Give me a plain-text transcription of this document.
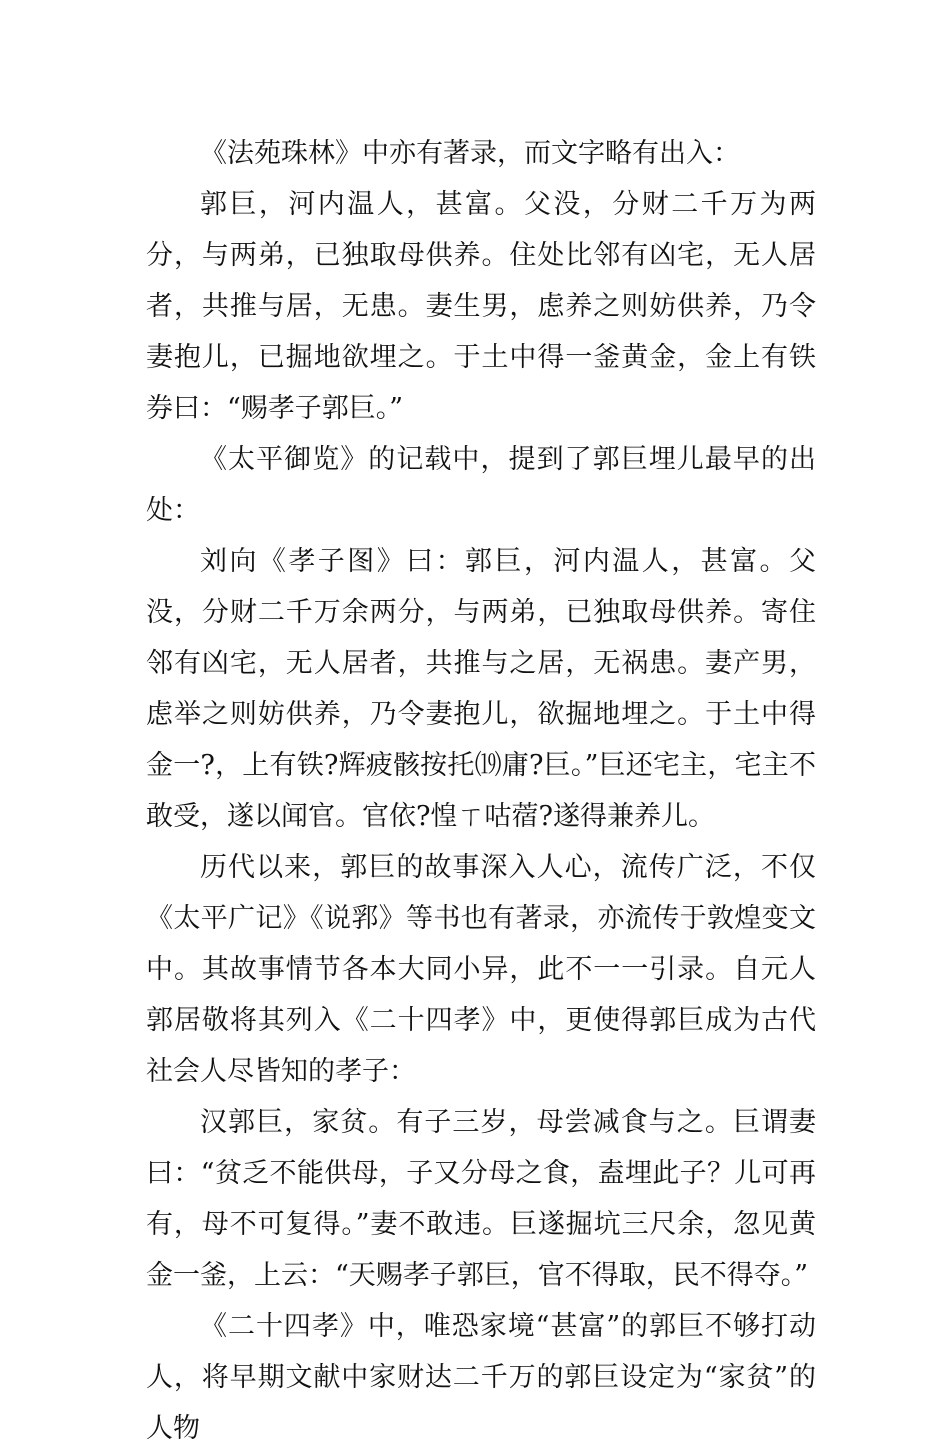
《法苑珠林》中亦有著录，而文字略有出入：

郭巨，河内温人，甚富。父没，分财二千万为两分，与两弟，已独取母供养。住处比邻有凶宅，无人居者，共推与居，无患。妻生男，虑养之则妨供养，乃令妻抱儿，已掘地欲埋之。于土中得一釜黄金，金上有铁券曰：“赐孝子郭巨。”

《太平御览》的记载中，提到了郭巨埋儿最早的出处：

刘向《孝子图》曰：郭巨，河内温人，甚富。父没，分财二千万余两分，与两弟，已独取母供养。寄住邻有凶宅，无人居者，共推与之居，无祸患。妻产男，虑举之则妨供养，乃令妻抱儿，欲掘地埋之。于土中得金一?，上有铁?辉疲骸按托⒆庸?巨。”巨还宅主，宅主不敢受，遂以闻官。官依?惶ㄒ咕蓿?遂得兼养儿。

历代以来，郭巨的故事深入人心，流传广泛，不仅《太平广记》《说郛》等书也有著录，亦流传于敦煌变文中。其故事情节各本大同小异，此不一一引录。自元人郭居敬将其列入《二十四孝》中，更使得郭巨成为古代社会人尽皆知的孝子：

汉郭巨，家贫。有子三岁，母尝减食与之。巨谓妻曰：“贫乏不能供母，子又分母之食，盍埋此子？儿可再有，母不可复得。”妻不敢违。巨遂掘坑三尺余，忽见黄金一釜，上云：“天赐孝子郭巨，官不得取，民不得夺。”

《二十四孝》中，唯恐家境“甚富”的郭巨不够打动人，将早期文献中家财达二千万的郭巨设定为“家贫”的人物
